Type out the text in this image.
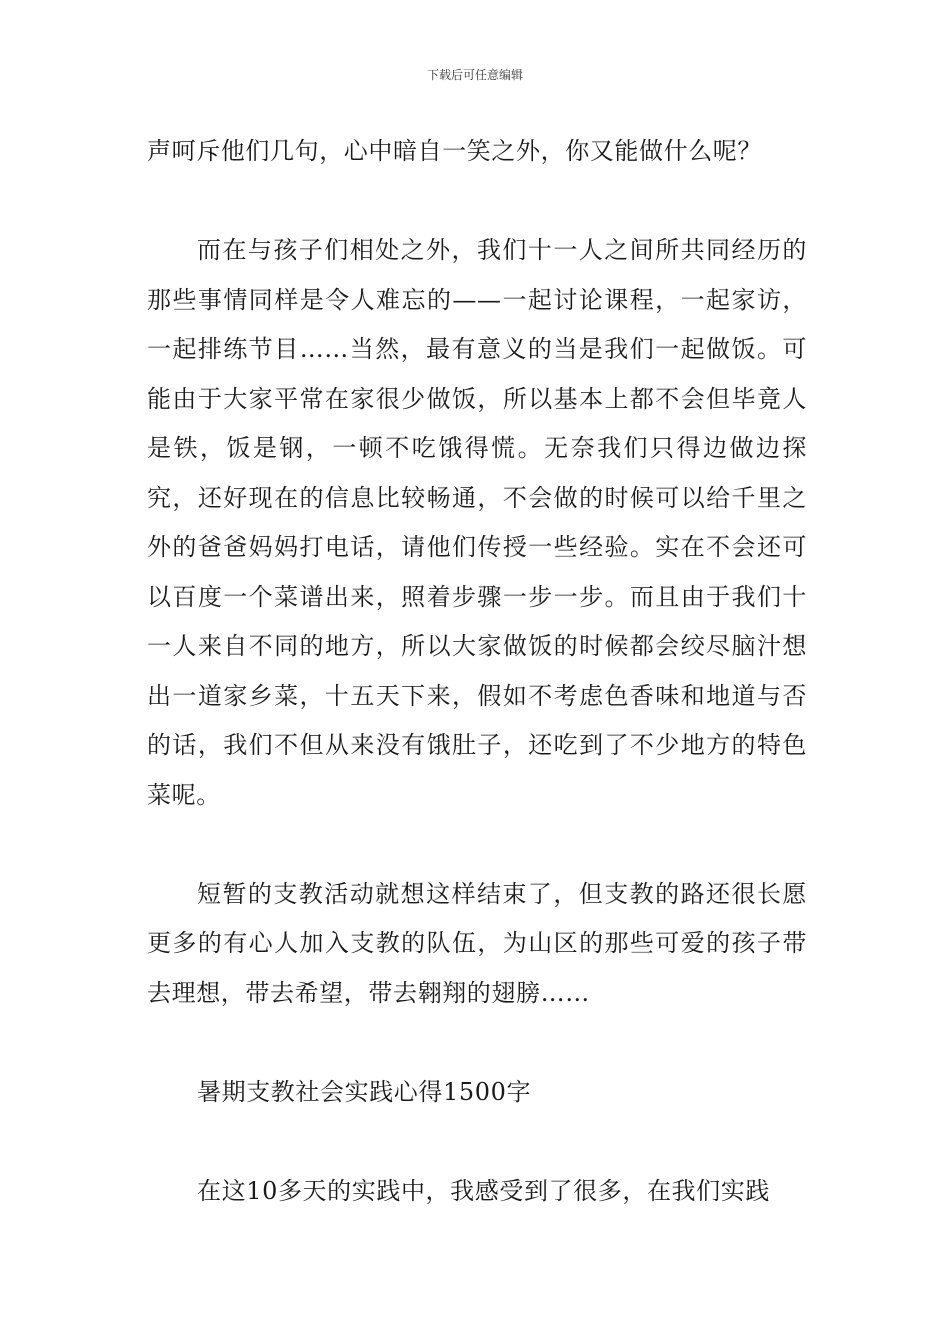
下载后可任意编辑

声呵斥他们几句，心中暗自一笑之外，你又能做什么呢？

而在与孩子们相处之外，我们十一人之间所共同经历的那些事情同样是令人难忘的——一起讨论课程，一起家访，一起排练节目……当然，最有意义的当是我们一起做饭。可能由于大家平常在家很少做饭，所以基本上都不会但毕竟人是铁，饭是钢，一顿不吃饿得慌。无奈我们只得边做边探究，还好现在的信息比较畅通，不会做的时候可以给千里之外的爸爸妈妈打电话，请他们传授一些经验。实在不会还可以百度一个菜谱出来，照着步骤一步一步。而且由于我们十一人来自不同的地方，所以大家做饭的时候都会绞尽脑汁想出一道家乡菜，十五天下来，假如不考虑色香味和地道与否的话，我们不但从来没有饿肚子，还吃到了不少地方的特色菜呢。

短暂的支教活动就想这样结束了，但支教的路还很长愿更多的有心人加入支教的队伍，为山区的那些可爱的孩子带去理想，带去希望，带去翱翔的翅膀……

暑期支教社会实践心得1500字

在这10多天的实践中，我感受到了很多，在我们实践
